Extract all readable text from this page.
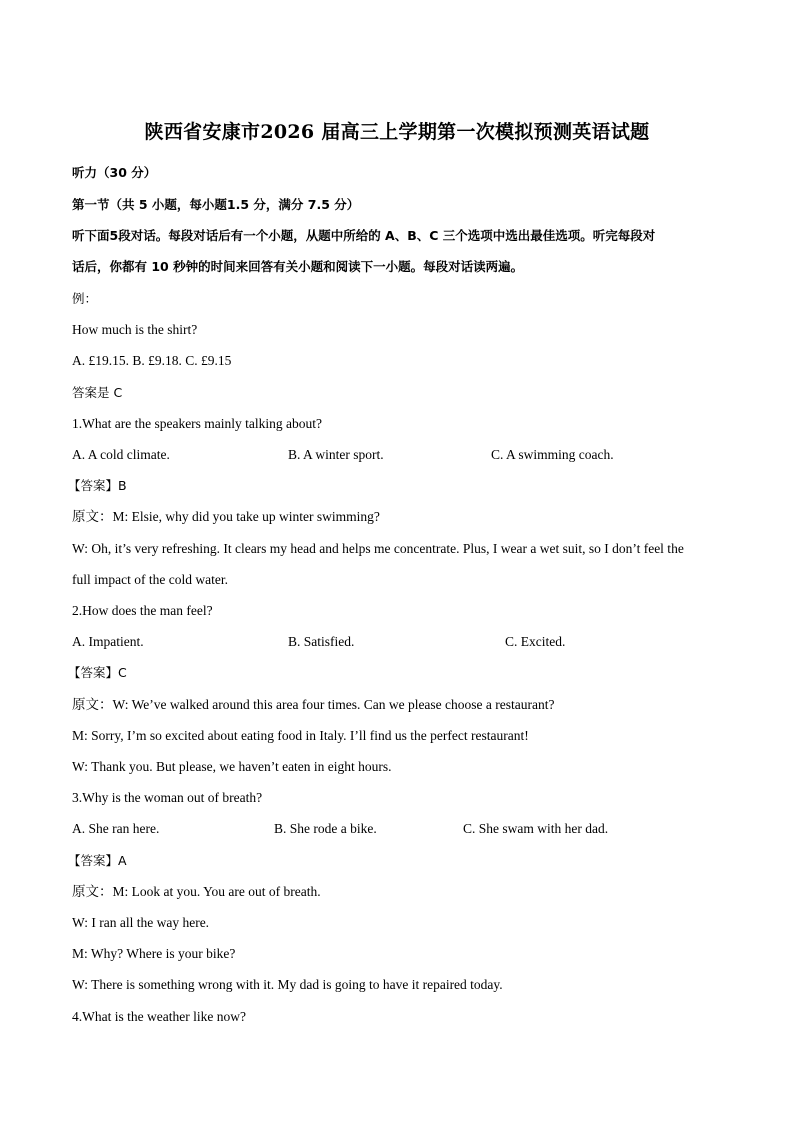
陕西省安康市2026 届高三上学期第一次模拟预测英语试题
听力（30 分）
第一节（共 5 小题，每小题1.5 分，满分 7.5 分）
听下面5段对话。每段对话后有一个小题，从题中所给的 A、B、C 三个选项中选出最佳选项。听完每段对
话后，你都有 10 秒钟的时间来回答有关小题和阅读下一小题。每段对话读两遍。
例：
How much is the shirt?
A. £19.15. B. £9.18. C. £9.15
答案是 C
1.What are the speakers mainly talking about?
A. A cold climate.	B. A winter sport.	C. A swimming coach.
【答案】B
原文：M: Elsie, why did you take up winter swimming?
W: Oh, it’s very refreshing. It clears my head and helps me concentrate. Plus, I wear a wet suit, so I don’t feel the
full impact of the cold water.
2.How does the man feel?
A. Impatient.	B. Satisfied.	C. Excited.
【答案】C
原文：W: We’ve walked around this area four times. Can we please choose a restaurant?
M: Sorry, I’m so excited about eating food in Italy. I’ll find us the perfect restaurant!
W: Thank you. But please, we haven’t eaten in eight hours.
3.Why is the woman out of breath?
A. She ran here.	B. She rode a bike.	C. She swam with her dad.
【答案】A
原文：M: Look at you. You are out of breath.
W: I ran all the way here.
M: Why? Where is your bike?
W: There is something wrong with it. My dad is going to have it repaired today.
4.What is the weather like now?
